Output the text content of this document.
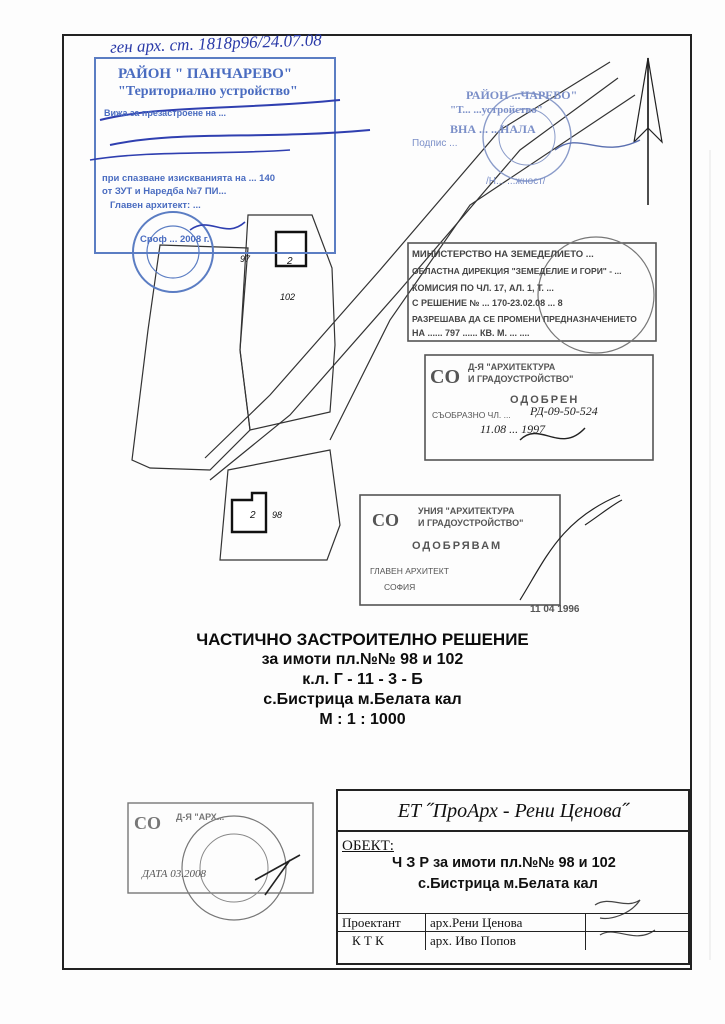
ген арх. ст. 1818р96/24.07.08
РАЙОН " ПАНЧАРЕВО"
"Териториално устройство"
Вижа за презастроене на ...
при спазване изискванията на ... 140
от ЗУТ и Наредба №7 ПИ...
Главен архитект: ...
Сроф ... 2008 г.
РАЙОН ...ЧАРЕВО"
"Т... ...устройство"
ВНА ... ...НАЛА
Подпис ...
/Н... ...жност/
МИНИСТЕРСТВО НА ЗЕМЕДЕЛИЕТО ...
ОБЛАСТНА ДИРЕКЦИЯ "ЗЕМЕДЕЛИЕ И ГОРИ" - ...
КОМИСИЯ ПО ЧЛ. 17, АЛ. 1, Т. ...
С РЕШЕНИЕ № ... 170-23.02.08 ... 8
РАЗРЕШАВА ДА СЕ ПРОМЕНИ ПРЕДНАЗНАЧЕНИЕТО
НА ...... 797 ...... КВ. М. ... ....
СО Д-Я "АРХИТЕКТУРА
И ГРАДОУСТРОЙСТВО"
ОДОБРЕН
СЪОБРАЗНО ЧЛ. ... РД-09-50-524
11.08 ... 1997
СО УНИЯ "АРХИТЕКТУРА
И ГРАДОУСТРОЙСТВО"
ОДОБРЯВАМ
ГЛАВЕН АРХИТЕКТ
СОФИЯ
11 04 1996
97	2
102
2 98
ЧАСТИЧНО ЗАСТРОИТЕЛНО РЕШЕНИЕ
за имоти пл.№№ 98 и 102
к.л. Г - 11 - 3 - Б
с.Бистрица м.Белата кал
М : 1 : 1000
СО Д-Я "АРХ...
ДАТА 03.2008
ЕТ ˝ПроАрх - Рени Ценова˝
ОБЕКТ:
Ч З Р за имоти пл.№№ 98 и 102
с.Бистрица м.Белата кал
Проектант	арх.Рени Ценова
К Т К	арх. Иво Попов
